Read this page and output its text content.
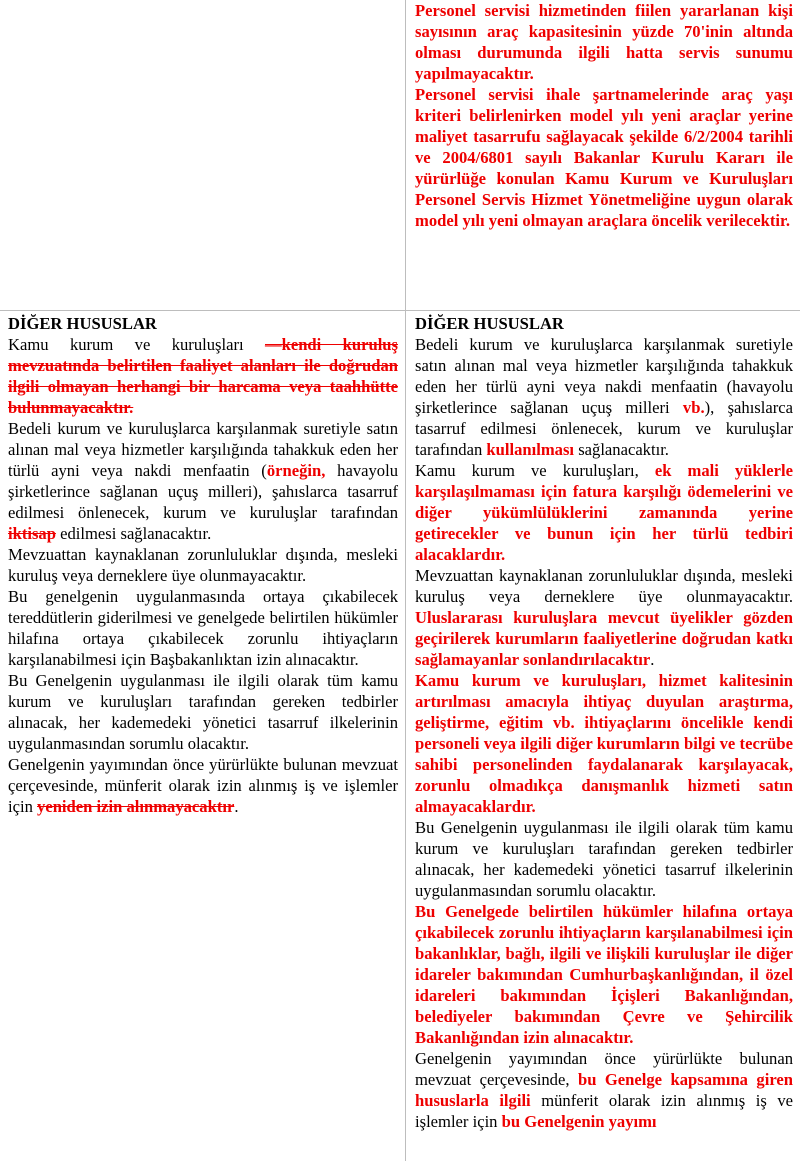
Personel servisi hizmetinden fiilen yararlanan kişi sayısının araç kapasitesinin yüzde 70'inin altında olması durumunda ilgili hatta servis sunumu yapılmayacaktır.

Personel servisi ihale şartnamelerinde araç yaşı kriteri belirlenirken model yılı yeni araçlar yerine maliyet tasarrufu sağlayacak şekilde 6/2/2004 tarihli ve 2004/6801 sayılı Bakanlar Kurulu Kararı ile yürürlüğe konulan Kamu Kurum ve Kuruluşları Personel Servis Hizmet Yönetmeliğine uygun olarak model yılı yeni olmayan araçlara öncelik verilecektir.

DİĞER HUSUSLAR

Kamu kurum ve kuruluşları —kendi kuruluş mevzuatında belirtilen faaliyet alanları ile doğrudan ilgili olmayan herhangi bir harcama veya taahhütte bulunmayacaktır.

Bedeli kurum ve kuruluşlarca karşılanmak suretiyle satın alınan mal veya hizmetler karşılığında tahakkuk eden her türlü ayni veya nakdi menfaatin (örneğin, havayolu şirketlerince sağlanan uçuş milleri), şahıslarca tasarruf edilmesi önlenecek, kurum ve kuruluşlar tarafından iktisap edilmesi sağlanacaktır.

Mevzuattan kaynaklanan zorunluluklar dışında, mesleki kuruluş veya derneklere üye olunmayacaktır.

Bu genelgenin uygulanmasında ortaya çıkabilecek tereddütlerin giderilmesi ve genelgede belirtilen hükümler hilafına ortaya çıkabilecek zorunlu ihtiyaçların karşılanabilmesi için Başbakanlıktan izin alınacaktır.

Bu Genelgenin uygulanması ile ilgili olarak tüm kamu kurum ve kuruluşları tarafından gereken tedbirler alınacak, her kademedeki yönetici tasarruf ilkelerinin uygulanmasından sorumlu olacaktır.

Genelgenin yayımından önce yürürlükte bulunan mevzuat çerçevesinde, münferit olarak izin alınmış iş ve işlemler için yeniden izin alınmayacaktır.

DİĞER HUSUSLAR

Bedeli kurum ve kuruluşlarca karşılanmak suretiyle satın alınan mal veya hizmetler karşılığında tahakkuk eden her türlü ayni veya nakdi menfaatin (havayolu şirketlerince sağlanan uçuş milleri vb.), şahıslarca tasarruf edilmesi önlenecek, kurum ve kuruluşlar tarafından kullanılması sağlanacaktır.

Kamu kurum ve kuruluşları, ek mali yüklerle karşılaşılmaması için fatura karşılığı ödemelerini ve diğer yükümlülüklerini zamanında yerine getirecekler ve bunun için her türlü tedbiri alacaklardır.

Mevzuattan kaynaklanan zorunluluklar dışında, mesleki kuruluş veya derneklere üye olunmayacaktır. Uluslararası kuruluşlara mevcut üyelikler gözden geçirilerek kurumların faaliyetlerine doğrudan katkı sağlamayanlar sonlandırılacaktır.

Kamu kurum ve kuruluşları, hizmet kalitesinin artırılması amacıyla ihtiyaç duyulan araştırma, geliştirme, eğitim vb. ihtiyaçlarını öncelikle kendi personeli veya ilgili diğer kurumların bilgi ve tecrübe sahibi personelinden faydalanarak karşılayacak, zorunlu olmadıkça danışmanlık hizmeti satın almayacaklardır.

Bu Genelgenin uygulanması ile ilgili olarak tüm kamu kurum ve kuruluşları tarafından gereken tedbirler alınacak, her kademedeki yönetici tasarruf ilkelerinin uygulanmasından sorumlu olacaktır.

Bu Genelgede belirtilen hükümler hilafına ortaya çıkabilecek zorunlu ihtiyaçların karşılanabilmesi için bakanlıklar, bağlı, ilgili ve ilişkili kuruluşlar ile diğer idareler bakımından Cumhurbaşkanlığından, il özel idareleri bakımından İçişleri Bakanlığından, belediyeler bakımından Çevre ve Şehircilik Bakanlığından izin alınacaktır.

Genelgenin yayımından önce yürürlükte bulunan mevzuat çerçevesinde, bu Genelge kapsamına giren hususlarla ilgili münferit olarak izin alınmış iş ve işlemler için bu Genelgenin yayımı
